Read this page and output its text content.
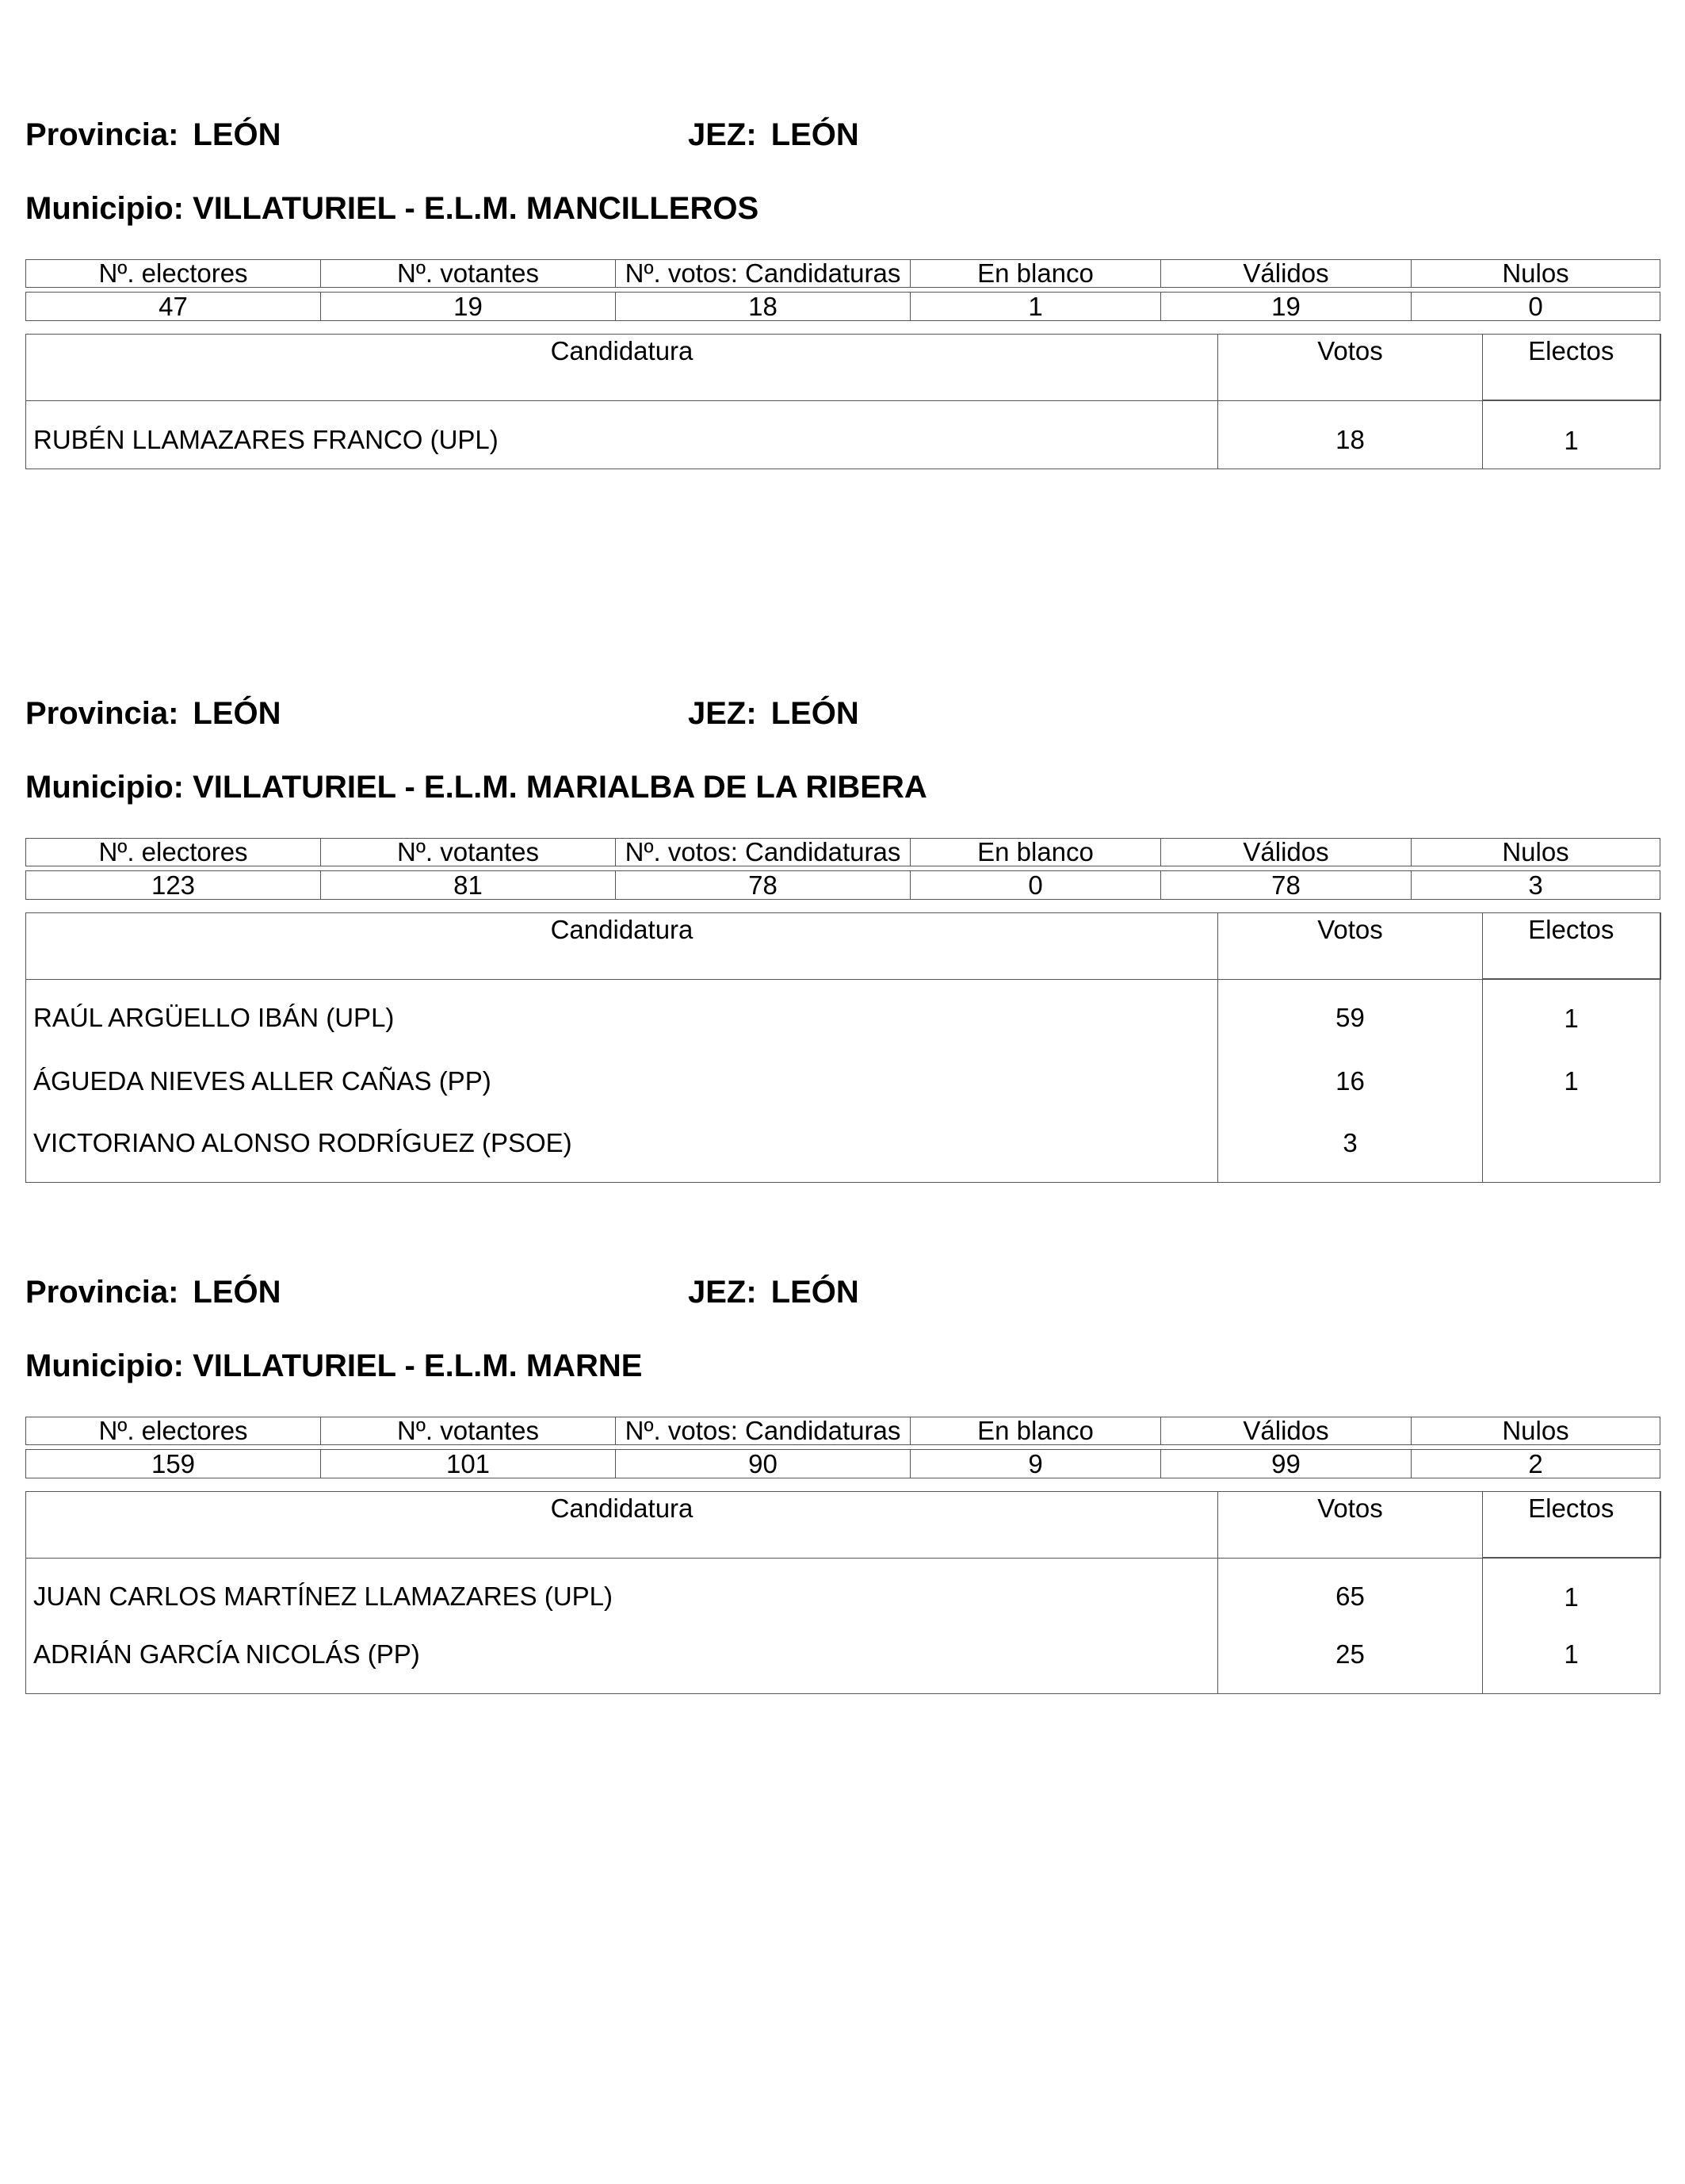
Provincia: LEÓN	JEZ: LEÓN
Municipio: VILLATURIEL - E.L.M. MANCILLEROS
Nº. electores	Nº. votantes	Nº. votos: Candidaturas	En blanco	Válidos	Nulos

47	19	18	1	19	0
Candidatura	Votos	Electos
RUBÉN LLAMAZARES FRANCO (UPL)	18	1
Provincia: LEÓN	JEZ: LEÓN
Municipio: VILLATURIEL - E.L.M. MARIALBA DE LA RIBERA
Nº. electores	Nº. votantes	Nº. votos: Candidaturas	En blanco	Válidos	Nulos

123	81	78	0	78	3
Candidatura	Votos	Electos
RAÚL ARGÜELLO IBÁN (UPL)	59	1
ÁGUEDA NIEVES ALLER CAÑAS (PP)	16	1
VICTORIANO ALONSO RODRÍGUEZ (PSOE)	3	
Provincia: LEÓN	JEZ: LEÓN
Municipio: VILLATURIEL - E.L.M. MARNE
Nº. electores	Nº. votantes	Nº. votos: Candidaturas	En blanco	Válidos	Nulos

159	101	90	9	99	2
Candidatura	Votos	Electos
JUAN CARLOS MARTÍNEZ LLAMAZARES (UPL)	65	1
ADRIÁN GARCÍA NICOLÁS (PP)	25	1
